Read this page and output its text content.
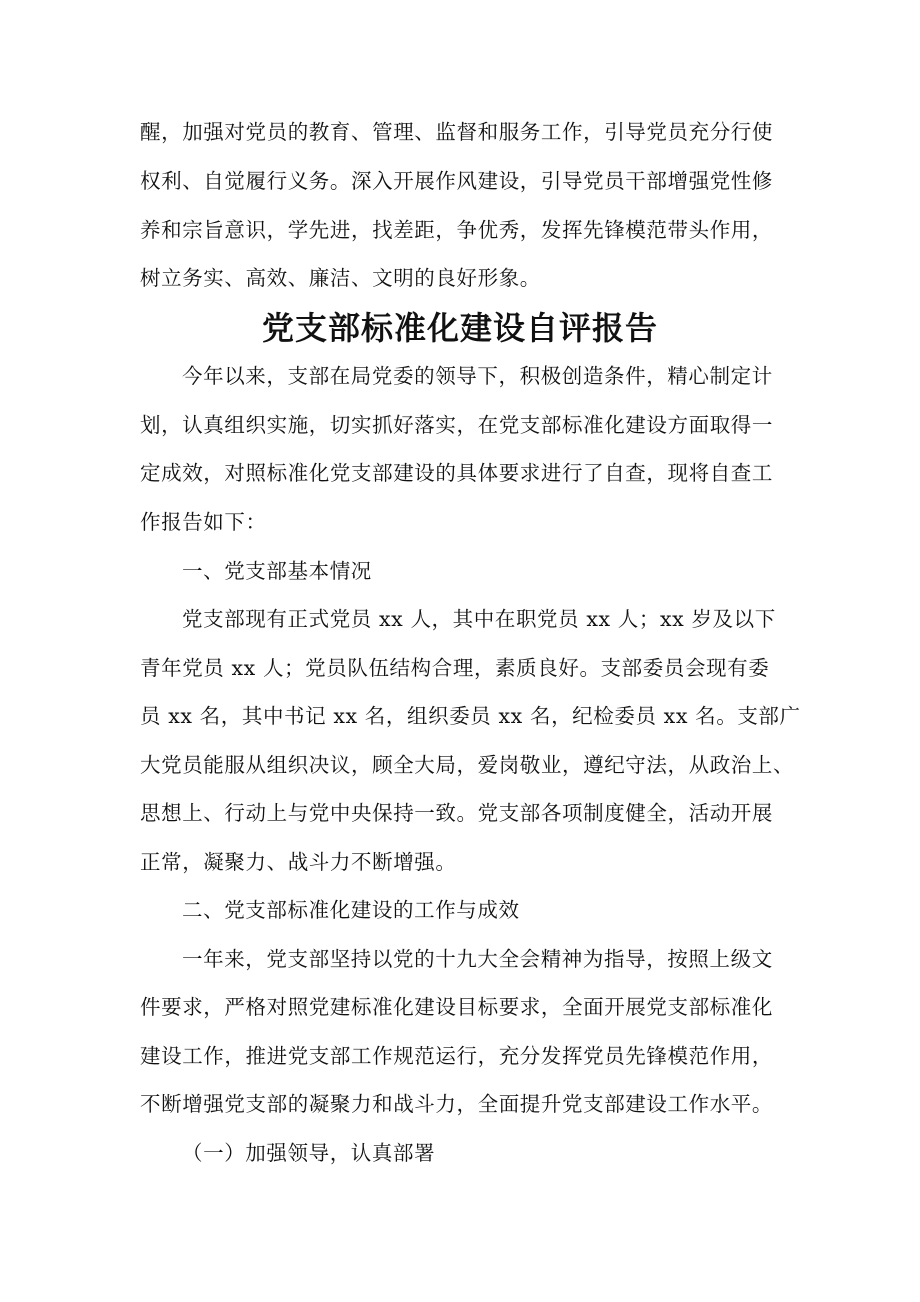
醒，加强对党员的教育、管理、监督和服务工作，引导党员充分行使
权利、自觉履行义务。深入开展作风建设，引导党员干部增强党性修
养和宗旨意识，学先进，找差距，争优秀，发挥先锋模范带头作用，
树立务实、高效、廉洁、文明的良好形象。
党支部标准化建设自评报告
今年以来，支部在局党委的领导下，积极创造条件，精心制定计
划，认真组织实施，切实抓好落实，在党支部标准化建设方面取得一
定成效，对照标准化党支部建设的具体要求进行了自查，现将自查工
作报告如下：
一、党支部基本情况
党支部现有正式党员 xx 人，其中在职党员 xx 人；xx 岁及以下
青年党员 xx 人；党员队伍结构合理，素质良好。支部委员会现有委
员 xx 名，其中书记 xx 名，组织委员 xx 名，纪检委员 xx 名。支部广
大党员能服从组织决议，顾全大局，爱岗敬业，遵纪守法，从政治上、
思想上、行动上与党中央保持一致。党支部各项制度健全，活动开展
正常，凝聚力、战斗力不断增强。
二、党支部标准化建设的工作与成效
一年来，党支部坚持以党的十九大全会精神为指导，按照上级文
件要求，严格对照党建标准化建设目标要求，全面开展党支部标准化
建设工作，推进党支部工作规范运行，充分发挥党员先锋模范作用，
不断增强党支部的凝聚力和战斗力，全面提升党支部建设工作水平。
（一）加强领导，认真部署
